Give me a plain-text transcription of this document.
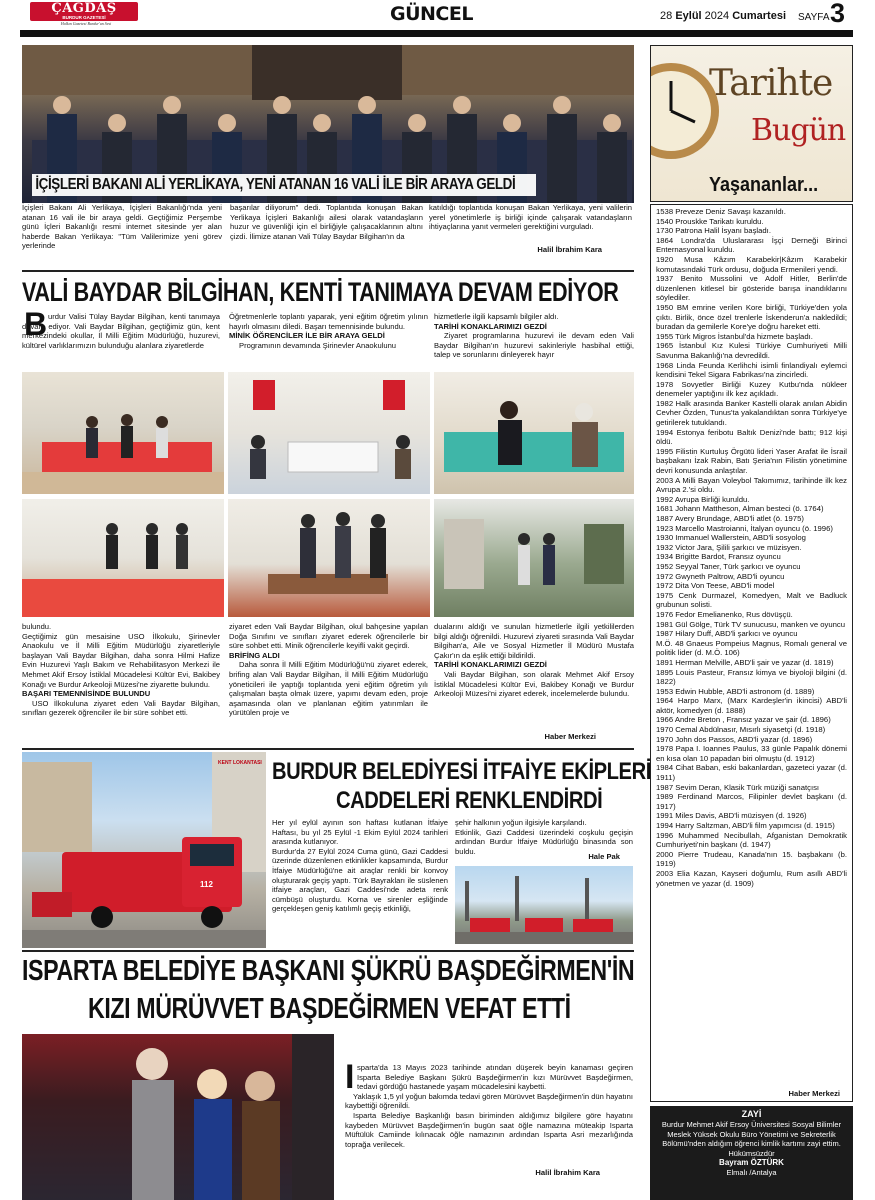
ÇAĞDAŞ
BURDUR GAZETESİ
Halkın Gazetesi Burdur'un Sesi	GÜNCEL	28 Eylül 2024 Cumartesi SAYFA 3
İÇİŞLERİ BAKANI ALİ YERLİKAYA, YENİ ATANAN 16 VALİ İLE BİR ARAYA GELDİ
İçişleri Bakanı Ali Yerlikaya, İçişleri Bakanlığı'nda yeni atanan 16 vali ile bir araya geldi. Geçtiğimiz Perşembe günü İçleri Bakanlığı resmi internet sitesinde yer alan haberde Bakan Yerlikaya: "Tüm Valilerimize yeni görev yerlerinde
başarılar diliyorum" dedi. Toplantıda konuşan Bakan Yerlikaya İçişleri Bakanlığı ailesi olarak vatandaşların huzur ve güvenliği için el birliğiyle çalışacaklarının altını çizdi. İlimize atanan Vali Tülay Baydar Bilgihan'ın da
katıldığı toplantıda konuşan Bakan Yerlikaya, yeni valilerin yerel yönetimlerle iş birliği içinde çalışarak vatandaşların ihtiyaçlarına yanıt vermeleri gerektiğini vurguladı.
Halil İbrahim Kara
VALİ BAYDAR BİLGİHAN, KENTİ TANIMAYA DEVAM EDİYOR
B urdur Valisi Tülay Baydar Bilgihan, kenti tanımaya devam ediyor. Vali Baydar Bilgihan, geçtiğimiz gün, kent merkezindeki okullar, İl Milli Eğitim Müdürlüğü, huzurevi, kültürel varlıklarımızın bulunduğu alanlara ziyaretlerde
Öğretmenlerle toplantı yaparak, yeni eğitim öğretim yılının hayırlı olmasını diledi. Başarı temennisinde bulundu.
MİNİK ÖĞRENCİLER İLE BİR ARAYA GELDİ
Programının devamında Şirinevler Anaokulunu
hizmetlerle ilgili kapsamlı bilgiler aldı.
TARİHİ KONAKLARIMIZI GEZDİ
Ziyaret programlarına huzurevi ile devam eden Vali Baydar Bilgihan'ın huzurevi sakinleriyle hasbihal ettiği, talep ve sorunlarını dinleyerek hayır
bulundu.
Geçtiğimiz gün mesaisine USO İlkokulu, Şirinevler Anaokulu ve İl Milli Eğitim Müdürlüğü ziyaretleriyle başlayan Vali Baydar Bilgihan, daha sonra Hilmi Hafize Evin Huzurevi Yaşlı Bakım ve Rehabilitasyon Merkezi ile Mehmet Akif Ersoy İstiklal Mücadelesi Kültür Evi, Bakibey Konağı ve Burdur Arkeoloji Müzesi'ne ziyarette bulundu.
BAŞARI TEMENNİSİNDE BULUNDU
USO İlkokuluna ziyaret eden Vali Baydar Bilgihan, sınıfları gezerek öğrenciler ile bir süre sohbet etti.
ziyaret eden Vali Baydar Bilgihan, okul bahçesine yapılan Doğa Sınıfını ve sınıfları ziyaret ederek öğrencilerle bir süre sohbet etti. Minik öğrencilerle keyifli vakit geçirdi.
BRİFİNG ALDI
Daha sonra İl Milli Eğitim Müdürlüğü'nü ziyaret ederek, brifing alan Vali Baydar Bilgihan, İl Milli Eğitim Müdürlüğü yöneticileri ile yaptığı toplantıda yeni eğitim öğretim yılı çalışmaları başta olmak üzere, yapımı devam eden, proje aşamasında olan ve planlanan eğitim yatırımları ile yürütülen proje ve
dualarını aldığı ve sunulan hizmetlerle ilgili yetkililerden bilgi aldığı öğrenildi. Huzurevi ziyareti sırasında Vali Baydar Bilgihan'a, Aile ve Sosyal Hizmetler İl Müdürü Mustafa Çakır'ın da eşlik ettiği bildirildi.
TARİHİ KONAKLARIMIZI GEZDİ
Vali Baydar Bilgihan, son olarak Mehmet Akif Ersoy İstiklal Mücadelesi Kültür Evi, Bakibey Konağı ve Burdur Arkeoloji Müzesi'ni ziyaret ederek, incelemelerde bulundu.
Haber Merkezi
112
KENT LOKANTASI BURDUR BELEDİYESİ İTFAİYE EKİPLERİ
CADDELERİ RENKLENDİRDİ
Her yıl eylül ayının son haftası kutlanan İtfaiye Haftası, bu yıl 25 Eylül -1 Ekim Eylül 2024 tarihleri arasında kutlanıyor.
Burdur'da 27 Eylül 2024 Cuma günü, Gazi Caddesi üzerinde düzenlenen etkinlikler kapsamında, Burdur İtfaiye Müdürlüğü'ne ait araçlar renkli bir konvoy oluşturarak geçiş yaptı. Türk Bayrakları ile süslenen itfaiye araçları, Gazi Caddesi'nde adeta renk cümbüşü oluşturdu. Korna ve sirenler eşliğinde gerçekleşen geniş katılımlı geçiş etkinliği,
şehir halkının yoğun ilgisiyle karşılandı.
Etkinlik, Gazi Caddesi üzerindeki coşkulu geçişin ardından Burdur İtfaiye Müdürlüğü binasında son buldu.
Hale Pak
ISPARTA BELEDİYE BAŞKANI ŞÜKRÜ BAŞDEĞİRMEN'İN
KIZI MÜRÜVVET BAŞDEĞİRMEN VEFAT ETTİ
I sparta'da 13 Mayıs 2023 tarihinde atından düşerek beyin kanaması geçiren Isparta Belediye Başkanı Şükrü Başdeğirmen'in kızı Mürüvvet Başdeğirmen, tedavi gördüğü hastanede yaşam mücadelesini kaybetti.
Yaklaşık 1,5 yıl yoğun bakımda tedavi gören Mürüvvet Başdeğirmen'in dün hayatını kaybettiği öğrenildi.
Isparta Belediye Başkanlığı basın biriminden aldığımız bilgilere göre hayatını kaybeden Mürüvvet Başdeğirmen'in bugün saat öğle namazına müteakip Isparta Müftülük Camiinde kılınacak öğle namazının ardından Isparta Asri mezarlığında toprağa verilecek.
Halil İbrahim Kara
Tarihte
Bugün
Yaşananlar...
1538 Preveze Deniz Savaşı kazanıldı.
1540 Prouskke Tarikatı kuruldu.
1730 Patrona Halil İsyanı başladı.
1864 Londra'da Uluslararası İşçi Derneği Birinci Enternasyonal kuruldu.
1920 Musa Kâzım Karabekir|Kâzım Karabekir komutasındaki Türk ordusu, doğuda Ermenileri yendi.
1937 Benito Mussolini ve Adolf Hitler, Berlin'de düzenlenen kitlesel bir gösteride barışa inandıklarını söylediler.
1950 BM emrine verilen Kore birliği, Türkiye'den yola çıktı. Birlik, önce özel trenlerle İskenderun'a nakledildi; buradan da gemilerle Kore'ye doğru hareket etti.
1955 Türk Migros İstanbul'da hizmete başladı.
1965 İstanbul Kız Kulesi Türkiye Cumhuriyeti Milli Savunma Bakanlığı'na devredildi.
1968 Linda Feunda Kerlihchi isimli finlandiyalı eylemci kendisini Tekel Sigara Fabrikası'na zincirledi.
1978 Sovyetler Birliği Kuzey Kutbu'nda nükleer denemeler yaptığını ilk kez açıkladı.
1982 Halk arasında Banker Kastelli olarak anılan Abidin Cevher Özden, Tunus'ta yakalandıktan sonra Türkiye'ye getirilerek tutuklandı.
1994 Estonya feribotu Baltık Denizi'nde battı; 912 kişi öldü.
1995 Filistin Kurtuluş Örgütü lideri Yaser Arafat ile İsrail başbakanı İzak Rabin, Batı Şeria'nın Filistin yönetimine devri konusunda anlaştılar.
2003 A Milli Bayan Voleybol Takımımız, tarihinde ilk kez Avrupa 2.'si oldu.
1992 Avrupa Birliği kuruldu.
1681 Johann Mattheson, Alman besteci (ö. 1764)
1887 Avery Brundage, ABD'li atlet (ö. 1975)
1923 Marcello Mastroianni, İtalyan oyuncu (ö. 1996)
1930 Immanuel Wallerstein, ABD'li sosyolog
1932 Victor Jara, Şilili şarkıcı ve müzisyen.
1934 Brigitte Bardot, Fransız oyuncu
1952 Seyyal Taner, Türk şarkıcı ve oyuncu
1972 Gwyneth Paltrow, ABD'li oyuncu
1972 Dita Von Teese, ABD'li model
1975 Cenk Durmazel, Komedyen, Malt ve Badluck grubunun solisti.
1976 Fedor Emelianenko, Rus dövüşçü.
1981 Gül Gölge, Türk TV sunucusu, manken ve oyuncu
1987 Hilary Duff, ABD'li şarkıcı ve oyuncu
M.Ö. 48 Gnaeus Pompeius Magnus, Romalı general ve politik lider (d. M.Ö. 106)
1891 Herman Melville, ABD'li şair ve yazar (d. 1819)
1895 Louis Pasteur, Fransız kimya ve biyoloji bilgini (d. 1822)
1953 Edwin Hubble, ABD'li astronom (d. 1889)
1964 Harpo Marx, (Marx Kardeşler'in ikincisi) ABD'li aktör, komedyen (d. 1888)
1966 Andre Breton , Fransız yazar ve şair (d. 1896)
1970 Cemal Abdülnasır, Mısırlı siyasetçi (d. 1918)
1970 John dos Passos, ABD'li yazar (d. 1896)
1978 Papa I. Ioannes Paulus, 33 günle Papalık dönemi en kısa olan 10 papadan biri olmuştu (d. 1912)
1984 Cihat Baban, eski bakanlardan, gazeteci yazar (d. 1911)
1987 Sevim Deran, Klasik Türk müziği sanatçısı
1989 Ferdinand Marcos, Filipinler devlet başkanı (d. 1917)
1991 Miles Davis, ABD'li müzisyen (d. 1926)
1994 Harry Saltzman, ABD'li film yapımcısı (d. 1915)
1996 Muhammed Necibullah, Afganistan Demokratik Cumhuriyeti'nin başkanı (d. 1947)
2000 Pierre Trudeau, Kanada'nın 15. başbakanı (b. 1919)
2003 Elia Kazan, Kayseri doğumlu, Rum asıllı ABD'li yönetmen ve yazar (d. 1909)
Haber Merkezi
ZAYİ
Burdur Mehmet Akif Ersoy Üniversitesi Sosyal Bilimler Meslek Yüksek Okulu Büro Yönetimi ve Sekreterlik Bölümü'nden aldığım öğrenci kimlik kartımı zayi ettim. Hükümsüzdür
Bayram ÖZTÜRK
Elmalı /Antalya
